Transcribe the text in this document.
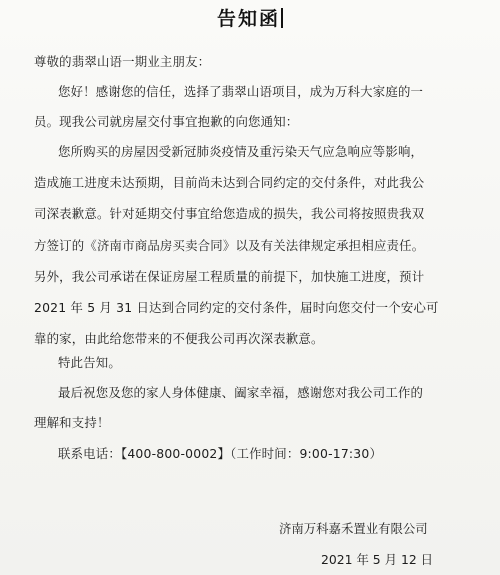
告知函
尊敬的翡翠山语一期业主朋友：
您好！感谢您的信任，选择了翡翠山语项目，成为万科大家庭的一
员。现我公司就房屋交付事宜抱歉的向您通知：
您所购买的房屋因受新冠肺炎疫情及重污染天气应急响应等影响，
造成施工进度未达预期，目前尚未达到合同约定的交付条件，对此我公
司深表歉意。针对延期交付事宜给您造成的损失，我公司将按照贵我双
方签订的《济南市商品房买卖合同》以及有关法律规定承担相应责任。
另外，我公司承诺在保证房屋工程质量的前提下，加快施工进度，预计
2021 年 5 月 31 日达到合同约定的交付条件，届时向您交付一个安心可
靠的家，由此给您带来的不便我公司再次深表歉意。
特此告知。
最后祝您及您的家人身体健康、阖家幸福，感谢您对我公司工作的
理解和支持！
联系电话：【400-800-0002】（工作时间：9:00-17:30）
济南万科嘉禾置业有限公司
2021 年 5 月 12 日
